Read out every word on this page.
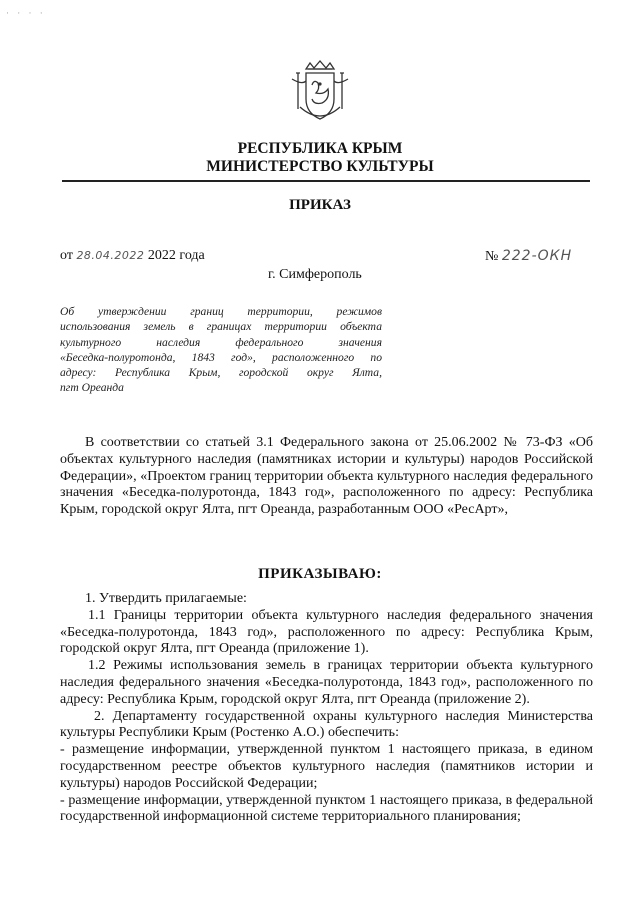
· · · ·
РЕСПУБЛИКА КРЫМ
МИНИСТЕРСТВО КУЛЬТУРЫ
ПРИКАЗ
от 28.04.2022 2022 года	№ 222-ОКН
г. Симферополь

Об утверждении границ территории, режимов

использования земель в границах территории объекта

культурного наследия федерального значения

«Беседка-полуротонда, 1843 год», расположенного по

адресу: Республика Крым, городской округ Ялта,

пгт Ореанда

В соответствии со статьей 3.1 Федерального закона от 25.06.2002 № 73-ФЗ «Об объектах культурного наследия (памятниках истории и культуры) народов Российской Федерации», «Проектом границ территории объекта культурного наследия федерального значения «Беседка-полуротонда, 1843 год», расположенного по адресу: Республика Крым, городской округ Ялта, пгт Ореанда, разработанным ООО «РесАрт»,

ПРИКАЗЫВАЮ:

1. Утвердить прилагаемые:

1.1 Границы территории объекта культурного наследия федерального значения «Беседка-полуротонда, 1843 год», расположенного по адресу: Республика Крым, городской округ Ялта, пгт Ореанда (приложение 1).

1.2 Режимы использования земель в границах территории объекта культурного наследия федерального значения «Беседка-полуротонда, 1843 год», расположенного по адресу: Республика Крым, городской округ Ялта, пгт Ореанда (приложение 2).

2. Департаменту государственной охраны культурного наследия Министерства культуры Республики Крым (Ростенко А.О.) обеспечить:

- размещение информации, утвержденной пунктом 1 настоящего приказа, в едином государственном реестре объектов культурного наследия (памятников истории и культуры) народов Российской Федерации;

- размещение информации, утвержденной пунктом 1 настоящего приказа, в федеральной государственной информационной системе территориального планирования;
